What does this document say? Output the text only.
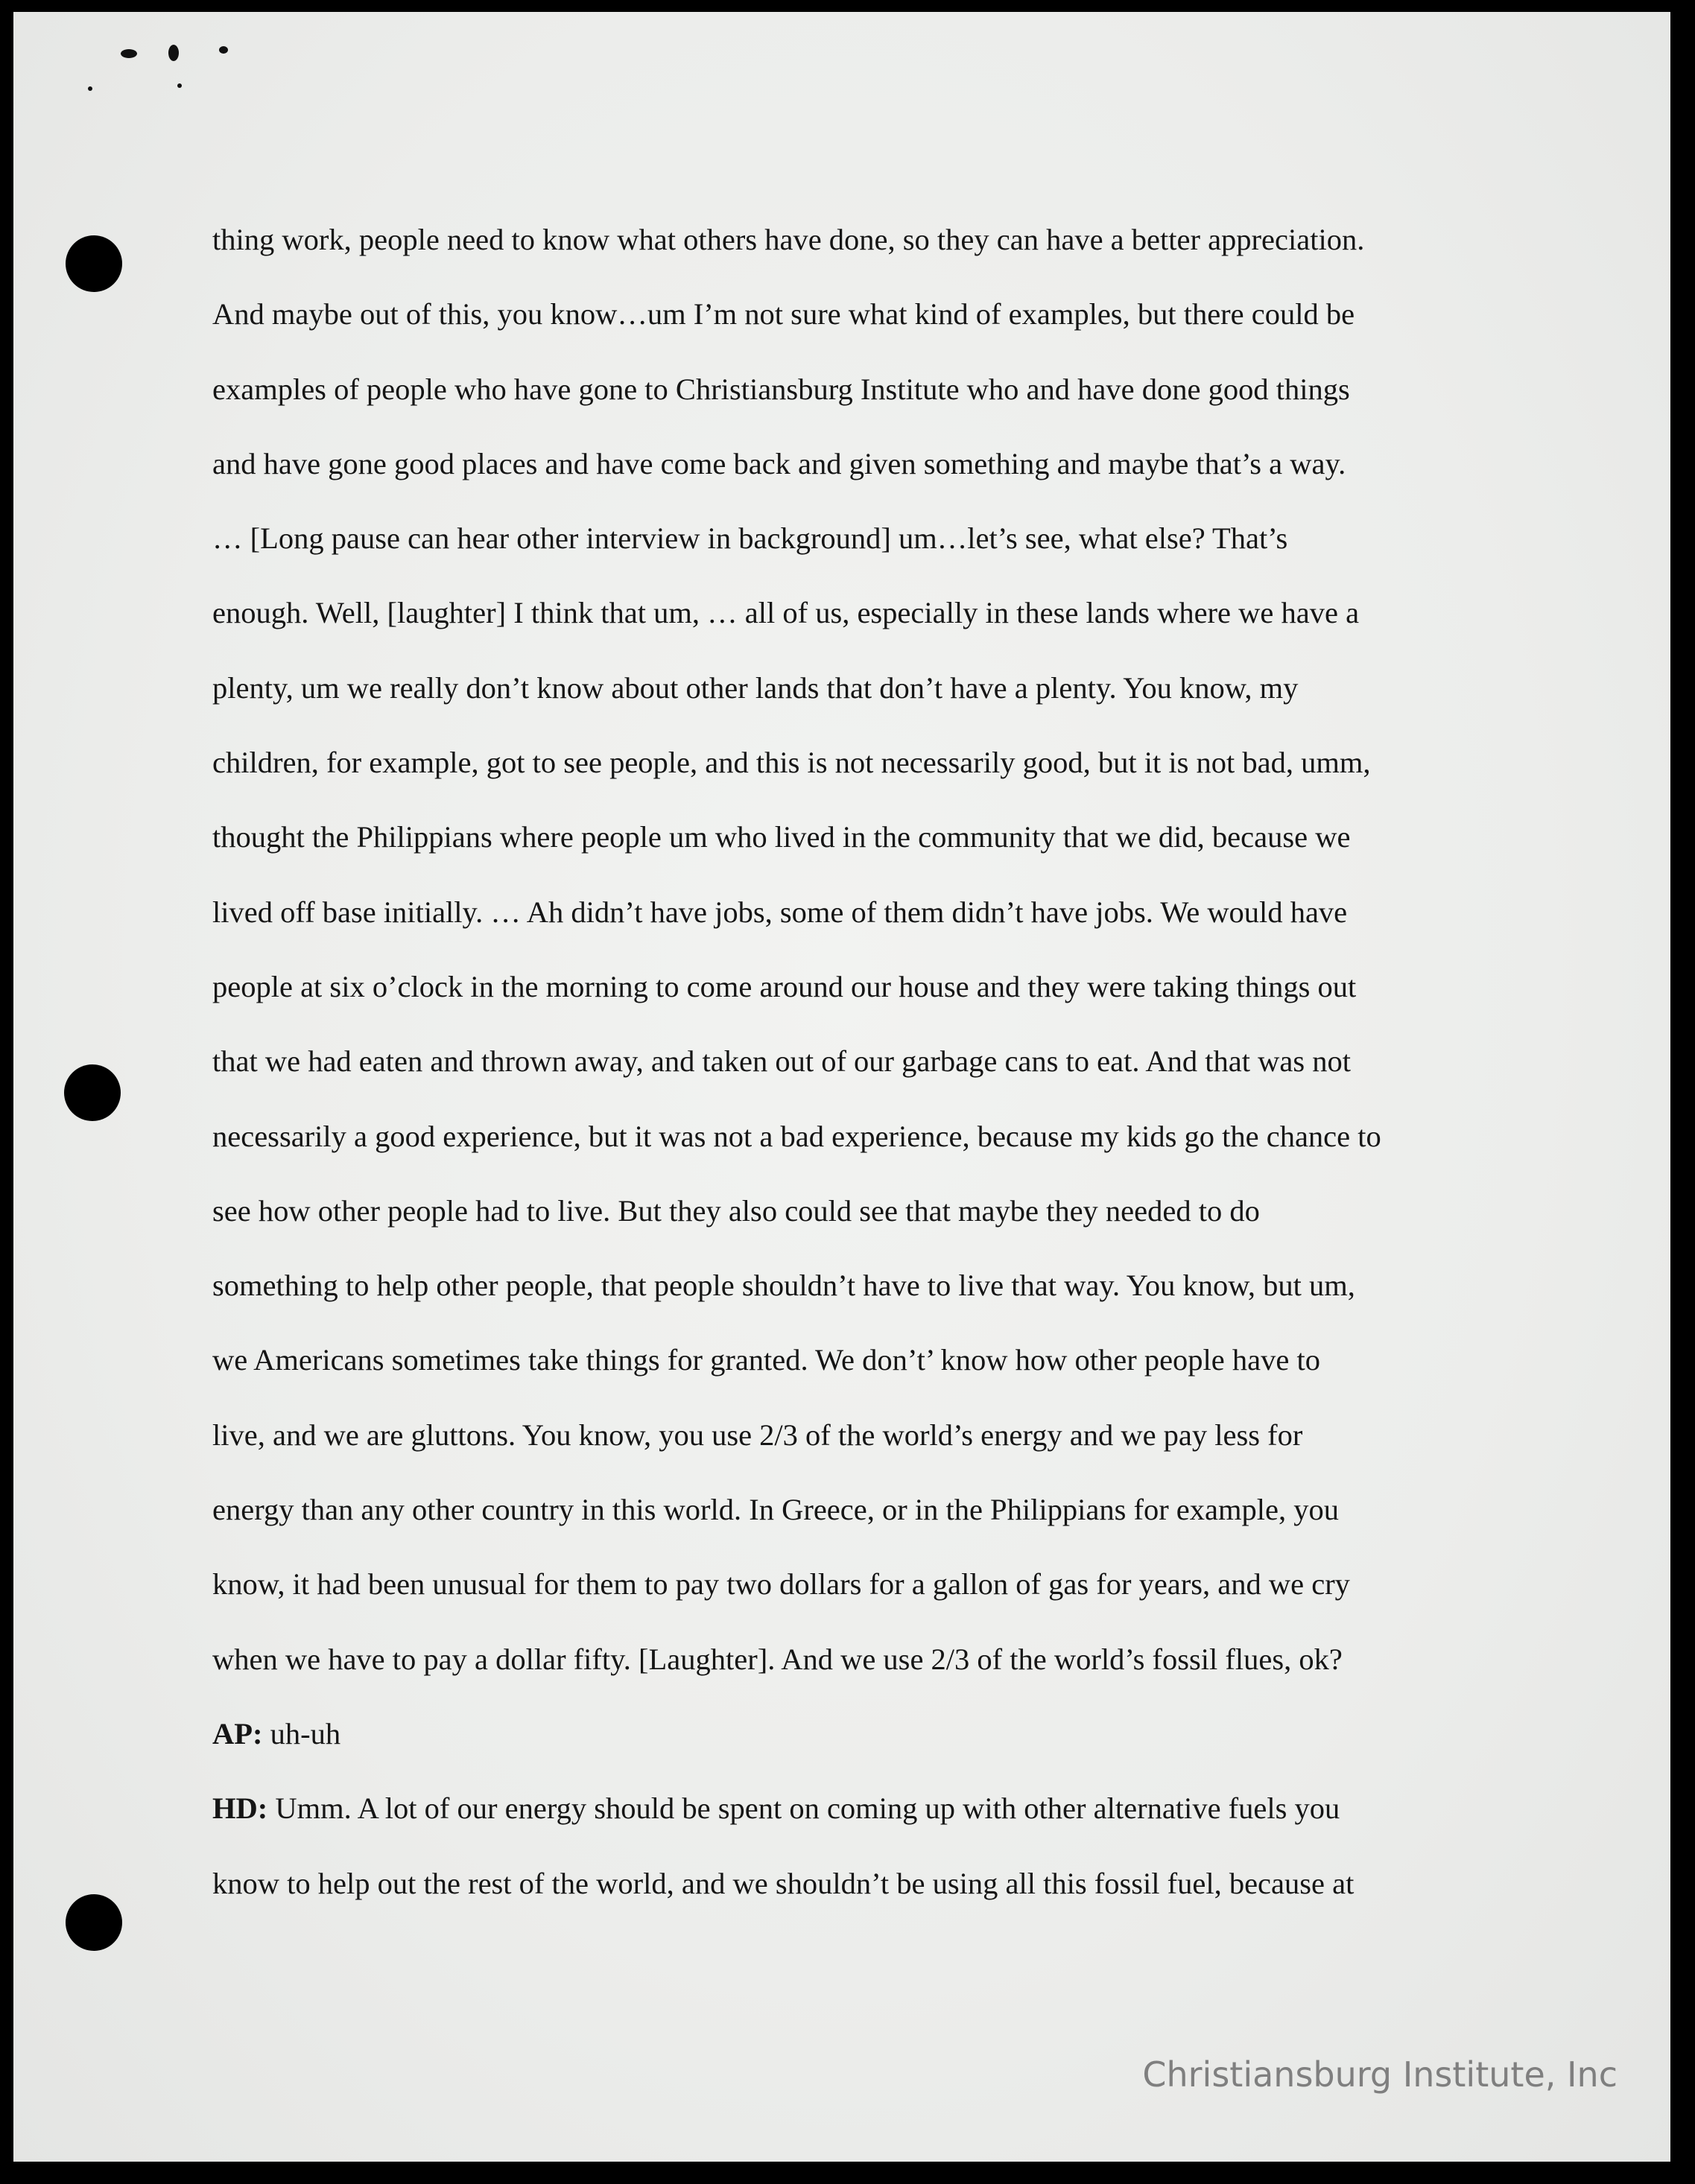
thing work, people need to know what others have done, so they can have a better appreciation.
And maybe out of this, you know…um I’m not sure what kind of examples, but there could be
examples of people who have gone to Christiansburg Institute who and have done good things
and have gone good places and have come back and given something and maybe that’s a way.
… [Long pause can hear other interview in background] um…let’s see, what else? That’s
enough. Well, [laughter] I think that um, … all of us, especially in these lands where we have a
plenty, um we really don’t know about other lands that don’t have a plenty. You know, my
children, for example, got to see people, and this is not necessarily good, but it is not bad, umm,
thought the Philippians where people um who lived in the community that we did, because we
lived off base initially. … Ah didn’t have jobs, some of them didn’t have jobs. We would have
people at six o’clock in the morning to come around our house and they were taking things out
that we had eaten and thrown away, and taken out of our garbage cans to eat. And that was not
necessarily a good experience, but it was not a bad experience, because my kids go the chance to
see how other people had to live. But they also could see that maybe they needed to do
something to help other people, that people shouldn’t have to live that way. You know, but um,
we Americans sometimes take things for granted. We don’t’ know how other people have to
live, and we are gluttons. You know, you use 2/3 of the world’s energy and we pay less for
energy than any other country in this world. In Greece, or in the Philippians for example, you
know, it had been unusual for them to pay two dollars for a gallon of gas for years, and we cry
when we have to pay a dollar fifty. [Laughter]. And we use 2/3 of the world’s fossil flues, ok?
AP: uh-uh
HD: Umm. A lot of our energy should be spent on coming up with other alternative fuels you
know to help out the rest of the world, and we shouldn’t be using all this fossil fuel, because at
Christiansburg Institute, Inc
